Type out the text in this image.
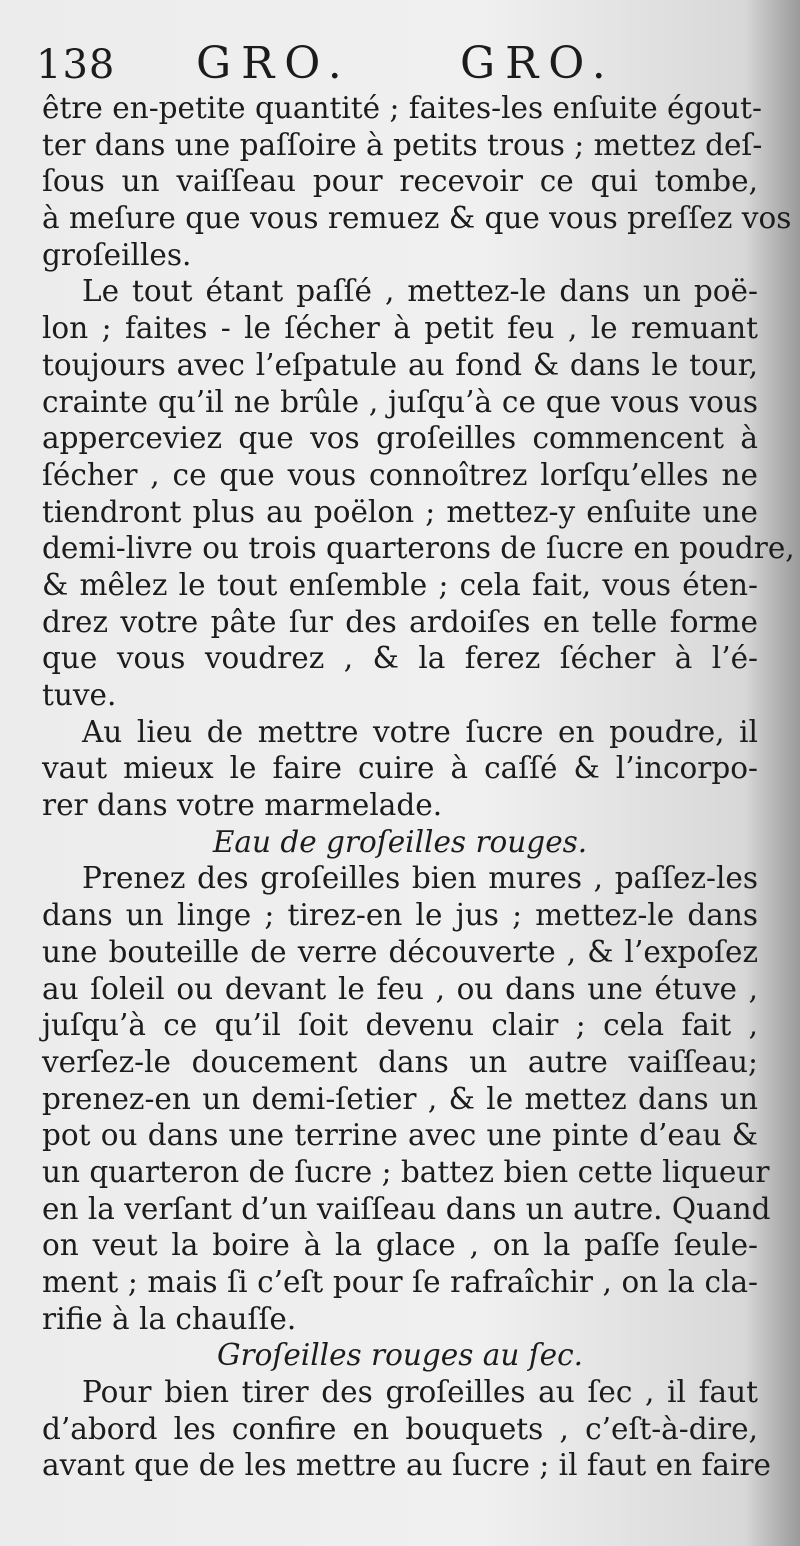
138 GRO. GRO.
être en-petite quantité ; faites-les enſuite égout-
ter dans une paſſoire à petits trous ; mettez deſ-
ſous un vaiſſeau pour recevoir ce qui tombe,
à meſure que vous remuez & que vous preſſez vos
groſeilles.
Le tout étant paſſé , mettez-le dans un poë-
lon ; faites - le ſécher à petit feu , le remuant
toujours avec l’eſpatule au fond & dans le tour,
crainte qu’il ne brûle , juſqu’à ce que vous vous
apperceviez que vos groſeilles commencent à
ſécher , ce que vous connoîtrez lorſqu’elles ne
tiendront plus au poëlon ; mettez-y enſuite une
demi-livre ou trois quarterons de ſucre en poudre,
& mêlez le tout enſemble ; cela fait, vous éten-
drez votre pâte ſur des ardoiſes en telle forme
que vous voudrez , & la ferez ſécher à l’é-
tuve.
Au lieu de mettre votre ſucre en poudre, il
vaut mieux le faire cuire à caſſé & l’incorpo-
rer dans votre marmelade.
Eau de groſeilles rouges.
Prenez des groſeilles bien mures , paſſez-les
dans un linge ; tirez-en le jus ; mettez-le dans
une bouteille de verre découverte , & l’expoſez
au ſoleil ou devant le feu , ou dans une étuve ,
juſqu’à ce qu’il ſoit devenu clair ; cela fait ,
verſez-le doucement dans un autre vaiſſeau;
prenez-en un demi-ſetier , & le mettez dans un
pot ou dans une terrine avec une pinte d’eau &
un quarteron de ſucre ; battez bien cette liqueur
en la verſant d’un vaiſſeau dans un autre. Quand
on veut la boire à la glace , on la paſſe ſeule-
ment ; mais ſi c’eſt pour ſe rafraîchir , on la cla-
rifie à la chauſſe.
Groſeilles rouges au ſec.
Pour bien tirer des groſeilles au ſec , il faut
d’abord les confire en bouquets , c’eſt-à-dire,
avant que de les mettre au ſucre ; il faut en faire
